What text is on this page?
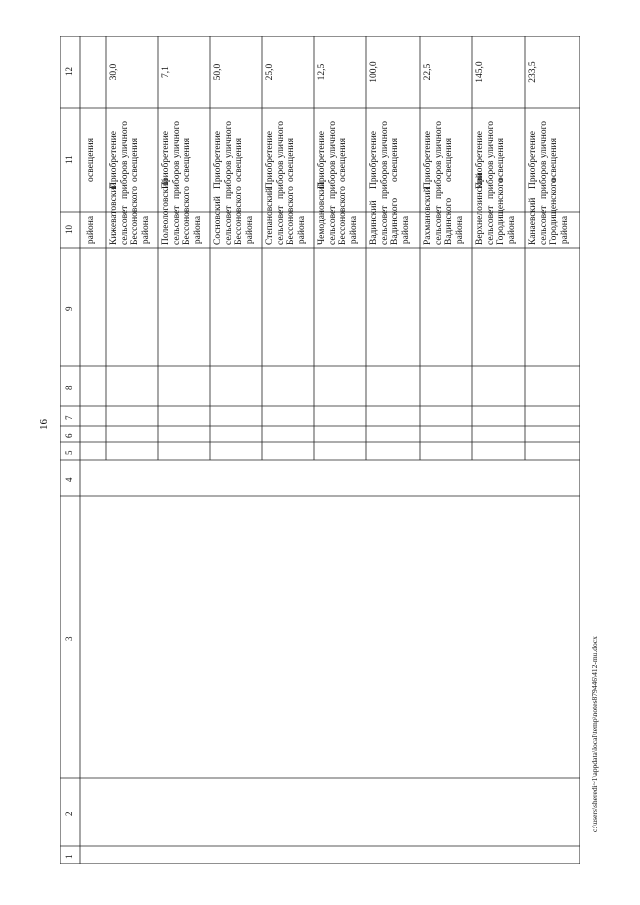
16
1
2
3
4
5
6
7
8
9
10
11
12
района
освещения
30,0
Приобретение приборов уличного освещения
Кижеватовский сельсовет Бессоновского района
7,1
Приобретение приборов уличного освещения
Полеологовский сельсовет Бессоновского района
50,0
Приобретение приборов уличного освещения
Сосновский сельсовет Бессоновского района
25,0
Приобретение приборов уличного освещения
Степановский сельсовет Бессоновского района
12,5
Приобретение приборов уличного освещения
Чемодановский сельсовет Бессоновского района
100,0
Приобретение приборов уличного освещения
Вадинский сельсовет Вадинского района
22,5
Приобретение приборов уличного освещения
Рахмановский сельсовет Вадинского района
145,0
Приобретение приборов уличного освещения
Верхнелозинский сельсовет Городищенского района
233,5
Приобретение приборов уличного освещения
Канаевский сельсовет Городищенского района
c:\users\sheredi~1\appdata\local\temp\notes879446\412-mu.docx
